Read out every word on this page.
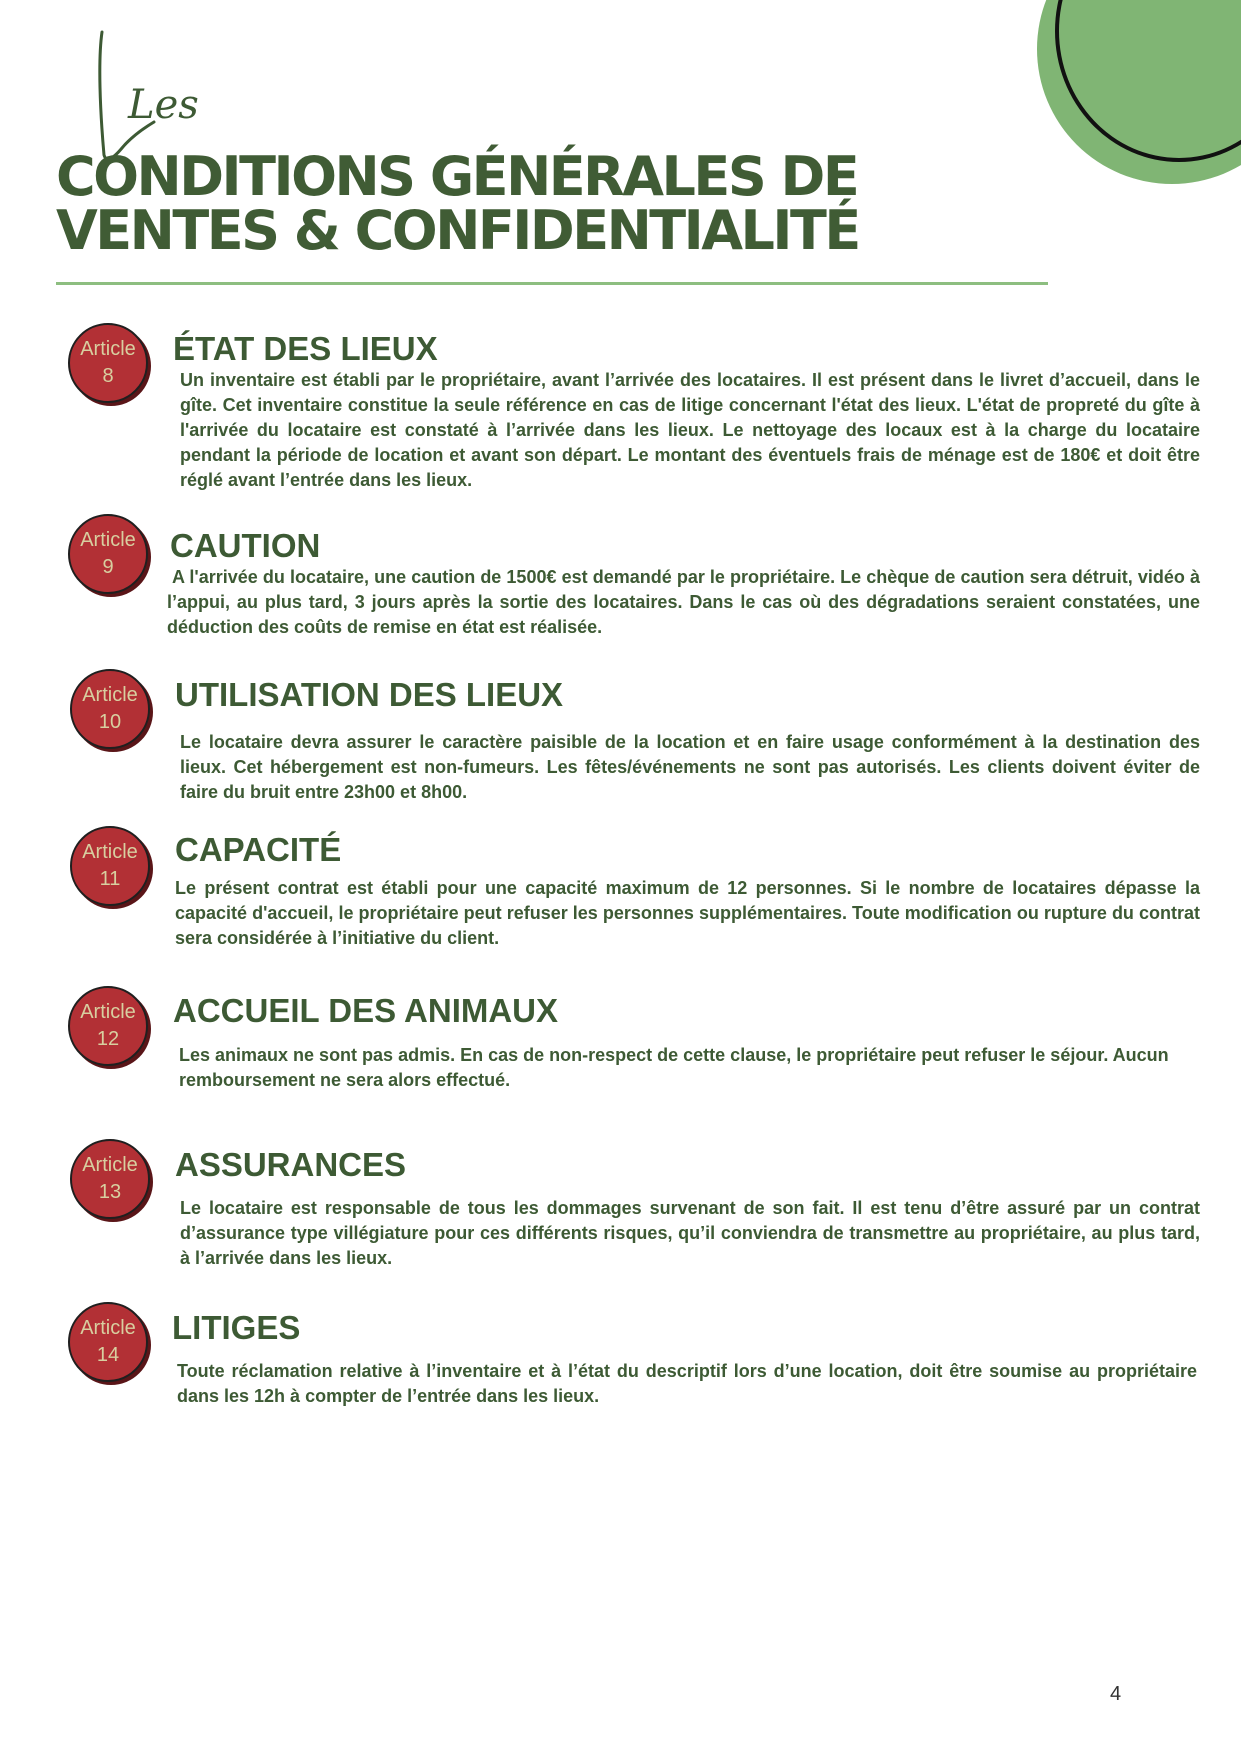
Les
CONDITIONS GÉNÉRALES DE VENTES & CONFIDENTIALITÉ
Article
8
ÉTAT DES LIEUX

Un inventaire est établi par le propriétaire, avant l’arrivée des locataires. Il est présent dans le livret d’accueil, dans le gîte. Cet inventaire constitue la seule référence en cas de litige concernant l'état des lieux. L'état de propreté du gîte à l'arrivée du locataire est constaté à l’arrivée dans les lieux. Le nettoyage des locaux est à la charge du locataire pendant la période de location et avant son départ. Le montant des éventuels frais de ménage est de 180€ et doit être réglé avant l’entrée dans les lieux.

Article
9
CAUTION

A l'arrivée du locataire, une caution de 1500€ est demandé par le propriétaire. Le chèque de caution sera détruit, vidéo à l’appui, au plus tard, 3 jours après la sortie des locataires. Dans le cas où des dégradations seraient constatées, une déduction des coûts de remise en état est réalisée.

Article
10
UTILISATION DES LIEUX

Le locataire devra assurer le caractère paisible de la location et en faire usage conformément à la destination des lieux. Cet hébergement est non-fumeurs. Les fêtes/événements ne sont pas autorisés. Les clients doivent éviter de faire du bruit entre 23h00 et 8h00.

Article
11
CAPACITÉ

Le présent contrat est établi pour une capacité maximum de 12 personnes. Si le nombre de locataires dépasse la capacité d'accueil, le propriétaire peut refuser les personnes supplémentaires. Toute modification ou rupture du contrat sera considérée à l’initiative du client.

Article
12
ACCUEIL DES ANIMAUX

Les animaux ne sont pas admis. En cas de non-respect de cette clause, le propriétaire peut refuser le séjour. Aucun remboursement ne sera alors effectué.

Article
13
ASSURANCES

Le locataire est responsable de tous les dommages survenant de son fait. Il est tenu d’être assuré par un contrat d’assurance type villégiature pour ces différents risques, qu’il conviendra de transmettre au propriétaire, au plus tard, à l’arrivée dans les lieux.

Article
14
LITIGES

Toute réclamation relative à l’inventaire et à l’état du descriptif lors d’une location, doit être soumise au propriétaire dans les 12h à compter de l’entrée dans les lieux.

4
